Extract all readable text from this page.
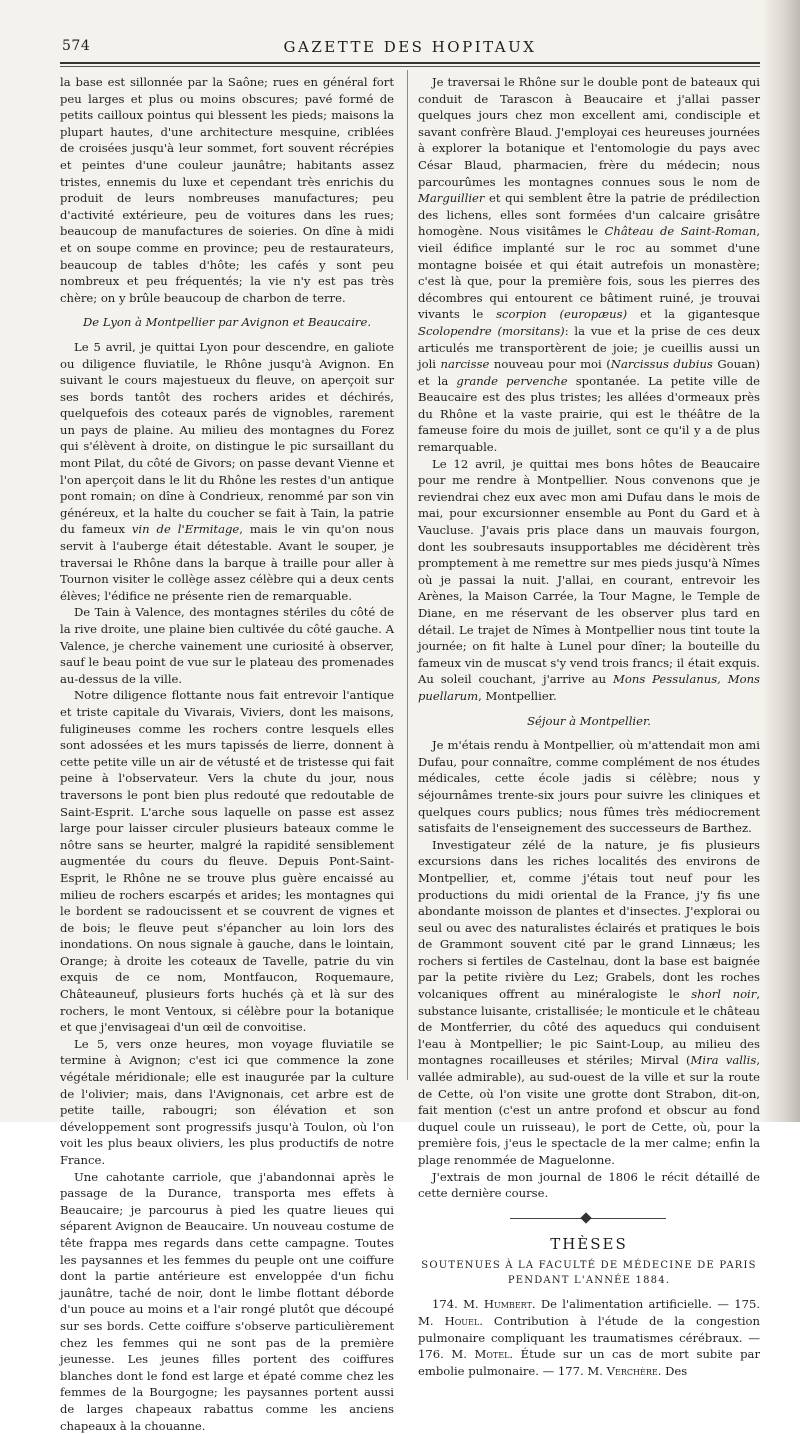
574	GAZETTE DES HOPITAUX

la base est sillonnée par la Saône; rues en général fort peu larges et plus ou moins obscures; pavé formé de petits cailloux pointus qui blessent les pieds; maisons la plupart hautes, d'une architecture mesquine, criblées de croisées jusqu'à leur sommet, fort souvent récrépies et peintes d'une couleur jaunâtre; habitants assez tristes, ennemis du luxe et cependant très enrichis du produit de leurs nombreuses manufactures; peu d'activité extérieure, peu de voitures dans les rues; beaucoup de manufactures de soieries. On dîne à midi et on soupe comme en province; peu de restaurateurs, beaucoup de tables d'hôte; les cafés y sont peu nombreux et peu fréquentés; la vie n'y est pas très chère; on y brûle beaucoup de charbon de terre.

De Lyon à Montpellier par Avignon et Beaucaire.

Le 5 avril, je quittai Lyon pour descendre, en galiote ou diligence fluviatile, le Rhône jusqu'à Avignon. En suivant le cours majestueux du fleuve, on aperçoit sur ses bords tantôt des rochers arides et déchirés, quelquefois des coteaux parés de vignobles, rarement un pays de plaine. Au milieu des montagnes du Forez qui s'élèvent à droite, on distingue le pic sursaillant du mont Pilat, du côté de Givors; on passe devant Vienne et l'on aperçoit dans le lit du Rhône les restes d'un antique pont romain; on dîne à Condrieux, renommé par son vin généreux, et la halte du coucher se fait à Tain, la patrie du fameux vin de l'Ermitage, mais le vin qu'on nous servit à l'auberge était détestable. Avant le souper, je traversai le Rhône dans la barque à traille pour aller à Tournon visiter le collège assez célèbre qui a deux cents élèves; l'édifice ne présente rien de remarquable.

De Tain à Valence, des montagnes stériles du côté de la rive droite, une plaine bien cultivée du côté gauche. A Valence, je cherche vainement une curiosité à observer, sauf le beau point de vue sur le plateau des promenades au-dessus de la ville.

Notre diligence flottante nous fait entrevoir l'antique et triste capitale du Vivarais, Viviers, dont les maisons, fuligineuses comme les rochers contre lesquels elles sont adossées et les murs tapissés de lierre, donnent à cette petite ville un air de vétusté et de tristesse qui fait peine à l'observateur. Vers la chute du jour, nous traversons le pont bien plus redouté que redoutable de Saint-Esprit. L'arche sous laquelle on passe est assez large pour laisser circuler plusieurs bateaux comme le nôtre sans se heurter, malgré la rapidité sensiblement augmentée du cours du fleuve. Depuis Pont-Saint-Esprit, le Rhône ne se trouve plus guère encaissé au milieu de rochers escarpés et arides; les montagnes qui le bordent se radoucissent et se couvrent de vignes et de bois; le fleuve peut s'épancher au loin lors des inondations. On nous signale à gauche, dans le lointain, Orange; à droite les coteaux de Tavelle, patrie du vin exquis de ce nom, Montfaucon, Roquemaure, Châteauneuf, plusieurs forts huchés çà et là sur des rochers, le mont Ventoux, si célèbre pour la botanique et que j'envisageai d'un œil de convoitise.

Le 5, vers onze heures, mon voyage fluviatile se termine à Avignon; c'est ici que commence la zone végétale méridionale; elle est inaugurée par la culture de l'olivier; mais, dans l'Avignonais, cet arbre est de petite taille, rabougri; son élévation et son développement sont progressifs jusqu'à Toulon, où l'on voit les plus beaux oliviers, les plus productifs de notre France.

Une cahotante carriole, que j'abandonnai après le passage de la Durance, transporta mes effets à Beaucaire; je parcourus à pied les quatre lieues qui séparent Avignon de Beaucaire. Un nouveau costume de tête frappa mes regards dans cette campagne. Toutes les paysannes et les femmes du peuple ont une coiffure dont la partie antérieure est enveloppée d'un fichu jaunâtre, taché de noir, dont le limbe flottant déborde d'un pouce au moins et a l'air rongé plutôt que découpé sur ses bords. Cette coiffure s'observe particulièrement chez les femmes qui ne sont pas de la première jeunesse. Les jeunes filles portent des coiffures blanches dont le fond est large et épaté comme chez les femmes de la Bourgogne; les paysannes portent aussi de larges chapeaux rabattus comme les anciens chapeaux à la chouanne.

Je traversai le Rhône sur le double pont de bateaux qui conduit de Tarascon à Beaucaire et j'allai passer quelques jours chez mon excellent ami, condisciple et savant confrère Blaud. J'employai ces heureuses journées à explorer la botanique et l'entomologie du pays avec César Blaud, pharmacien, frère du médecin; nous parcourûmes les montagnes connues sous le nom de Marguillier et qui semblent être la patrie de prédilection des lichens, elles sont formées d'un calcaire grisâtre homogène. Nous visitâmes le Château de Saint-Roman, vieil édifice implanté sur le roc au sommet d'une montagne boisée et qui était autrefois un monastère; c'est là que, pour la première fois, sous les pierres des décombres qui entourent ce bâtiment ruiné, je trouvai vivants le scorpion (europæus) et la gigantesque Scolopendre (morsitans): la vue et la prise de ces deux articulés me transportèrent de joie; je cueillis aussi un joli narcisse nouveau pour moi (Narcissus dubius Gouan) et la grande pervenche spontanée. La petite ville de Beaucaire est des plus tristes; les allées d'ormeaux près du Rhône et la vaste prairie, qui est le théâtre de la fameuse foire du mois de juillet, sont ce qu'il y a de plus remarquable.

Le 12 avril, je quittai mes bons hôtes de Beaucaire pour me rendre à Montpellier. Nous convenons que je reviendrai chez eux avec mon ami Dufau dans le mois de mai, pour excursionner ensemble au Pont du Gard et à Vaucluse. J'avais pris place dans un mauvais fourgon, dont les soubresauts insupportables me décidèrent très promptement à me remettre sur mes pieds jusqu'à Nîmes où je passai la nuit. J'allai, en courant, entrevoir les Arènes, la Maison Carrée, la Tour Magne, le Temple de Diane, en me réservant de les observer plus tard en détail. Le trajet de Nîmes à Montpellier nous tint toute la journée; on fit halte à Lunel pour dîner; la bouteille du fameux vin de muscat s'y vend trois francs; il était exquis. Au soleil couchant, j'arrive au Mons Pessulanus, Mons puellarum, Montpellier.

Séjour à Montpellier.

Je m'étais rendu à Montpellier, où m'attendait mon ami Dufau, pour connaître, comme complément de nos études médicales, cette école jadis si célèbre; nous y séjournâmes trente-six jours pour suivre les cliniques et quelques cours publics; nous fûmes très médiocrement satisfaits de l'enseignement des successeurs de Barthez.

Investigateur zélé de la nature, je fis plusieurs excursions dans les riches localités des environs de Montpellier, et, comme j'étais tout neuf pour les productions du midi oriental de la France, j'y fis une abondante moisson de plantes et d'insectes. J'explorai ou seul ou avec des naturalistes éclairés et pratiques le bois de Grammont souvent cité par le grand Linnæus; les rochers si fertiles de Castelnau, dont la base est baignée par la petite rivière du Lez; Grabels, dont les roches volcaniques offrent au minéralogiste le shorl noir, substance luisante, cristallisée; le monticule et le château de Montferrier, du côté des aqueducs qui conduisent l'eau à Montpellier; le pic Saint-Loup, au milieu des montagnes rocailleuses et stériles; Mirval (Mira vallis, vallée admirable), au sud-ouest de la ville et sur la route de Cette, où l'on visite une grotte dont Strabon, dit-on, fait mention (c'est un antre profond et obscur au fond duquel coule un ruisseau), le port de Cette, où, pour la première fois, j'eus le spectacle de la mer calme; enfin la plage renommée de Maguelonne.

J'extrais de mon journal de 1806 le récit détaillé de cette dernière course.

THÈSES
SOUTENUES À LA FACULTÉ DE MÉDECINE DE PARIS
PENDANT L'ANNÉE 1884.

174. M. Humbert. De l'alimentation artificielle. — 175. M. Houel. Contribution à l'étude de la congestion pulmonaire compliquant les traumatismes cérébraux. — 176. M. Motel. Étude sur un cas de mort subite par embolie pulmonaire. — 177. M. Verchère. Des
